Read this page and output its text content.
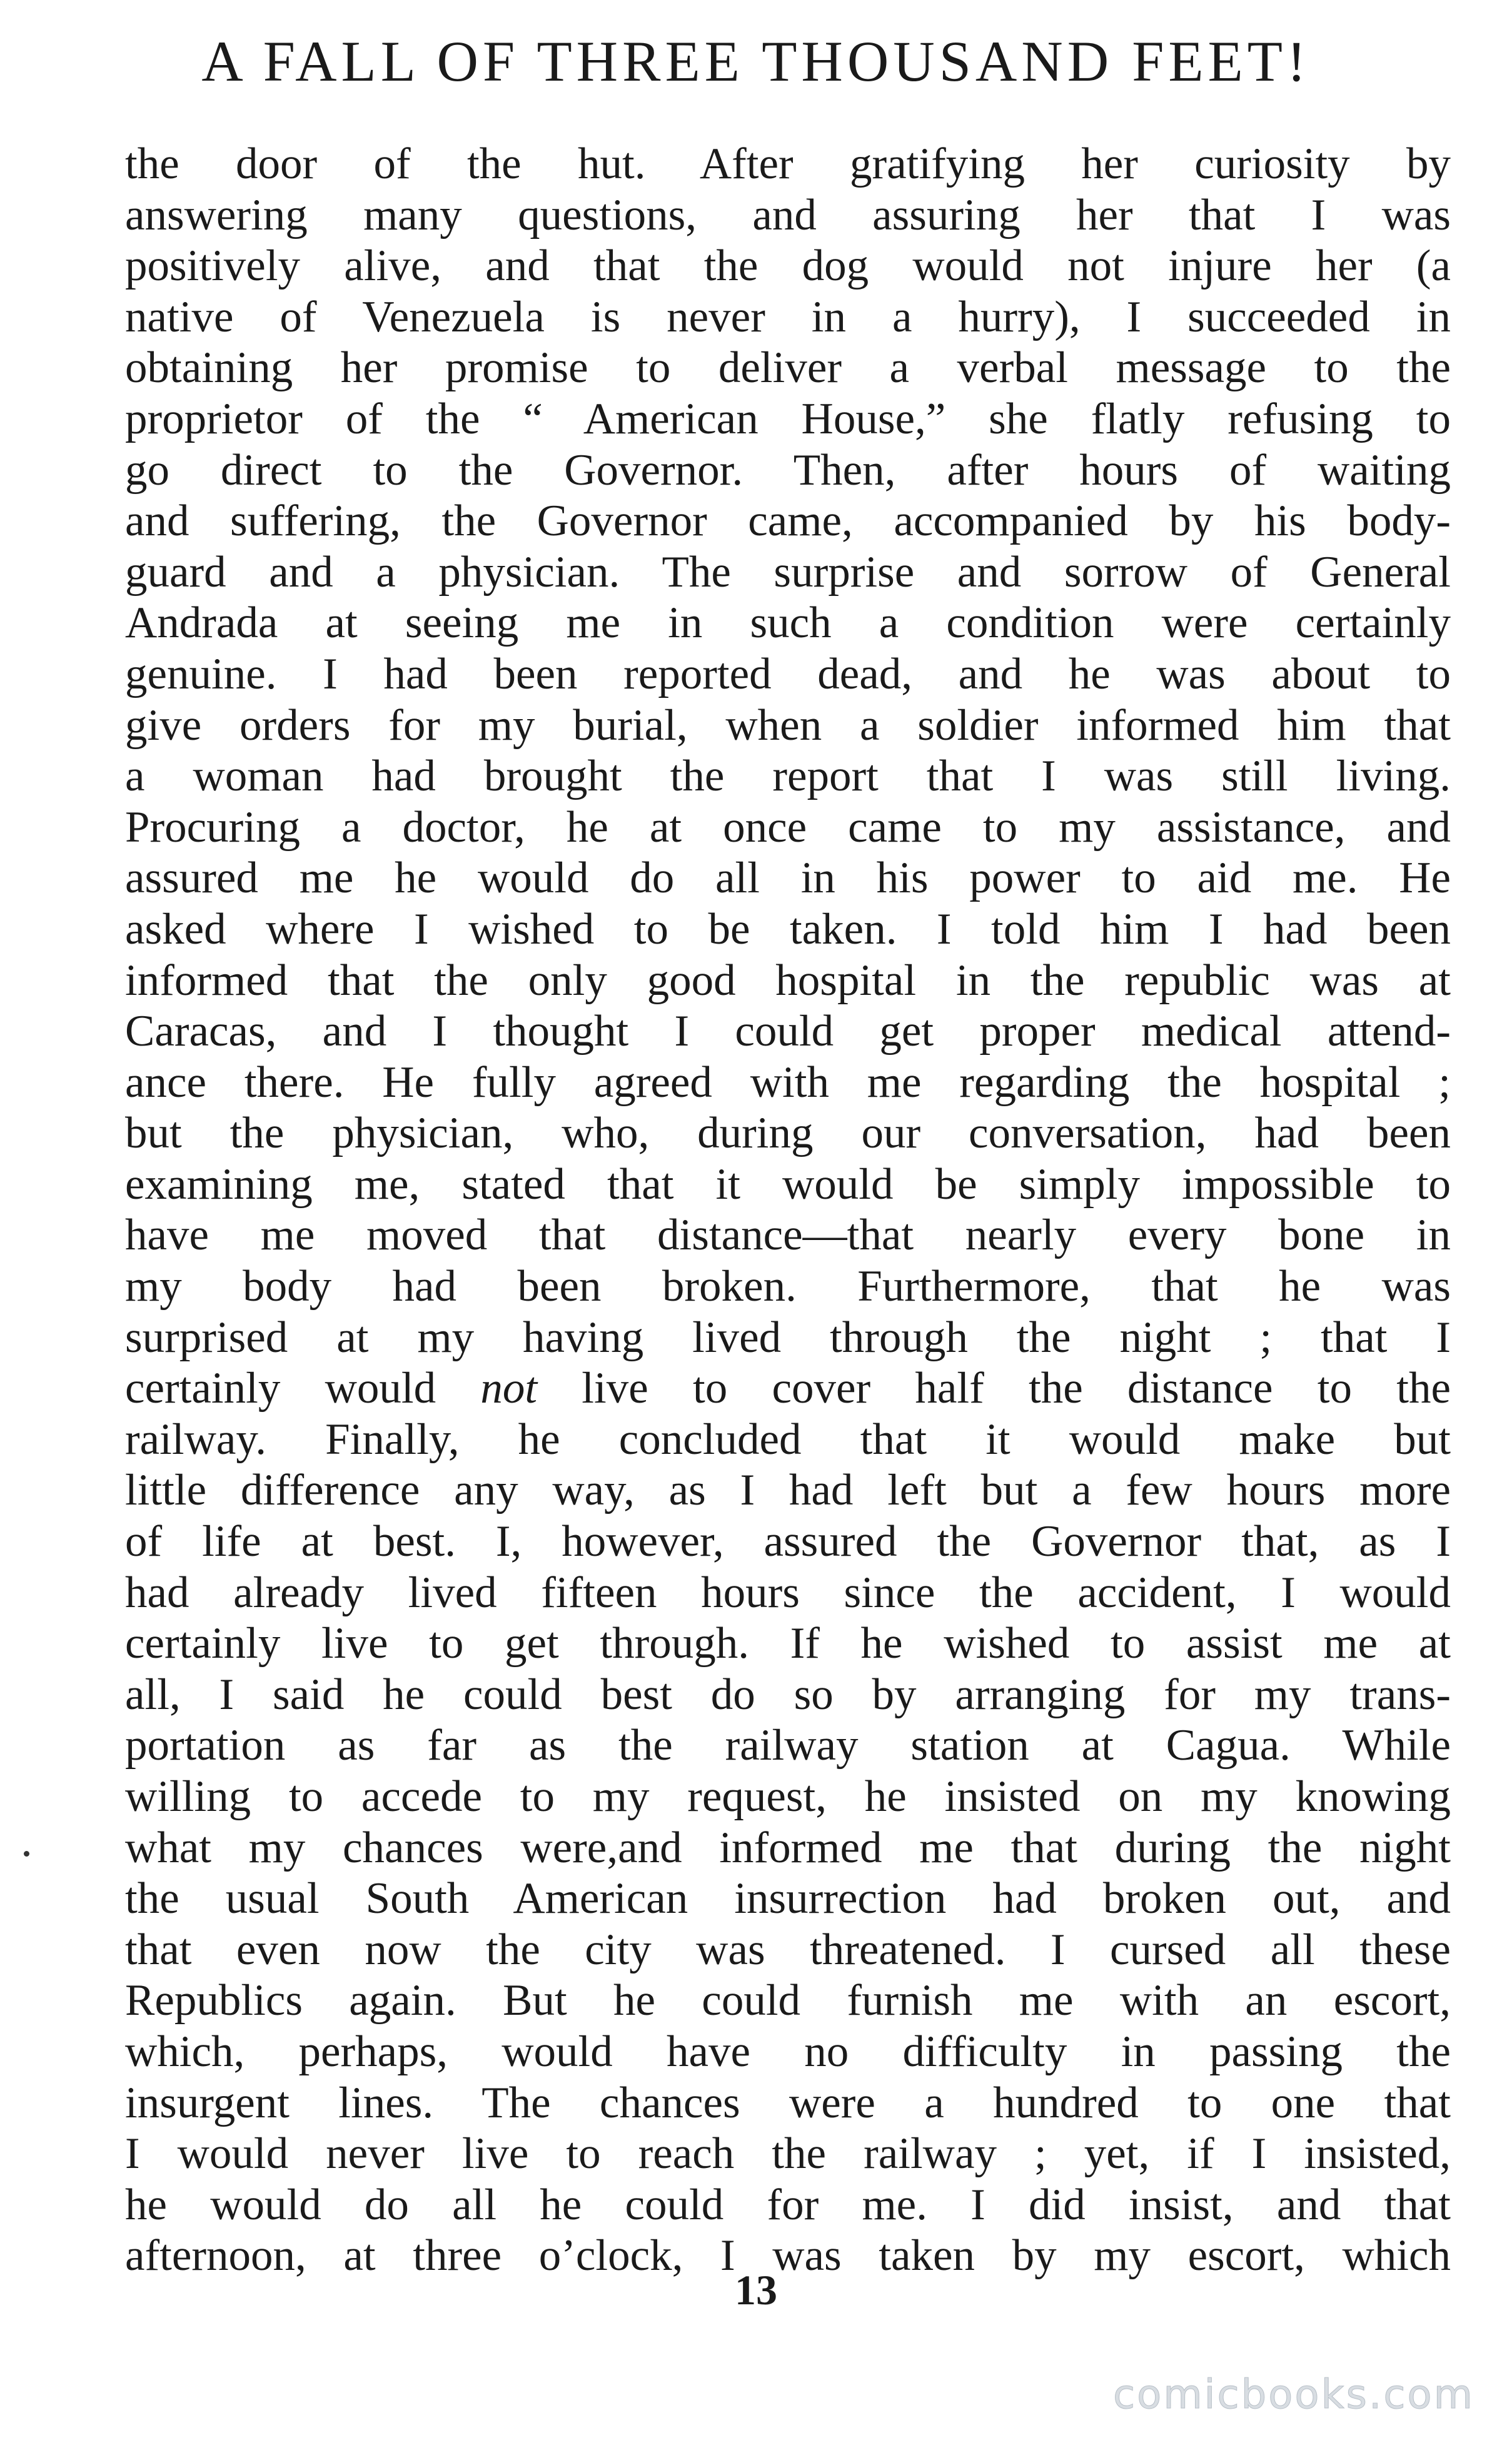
A FALL OF THREE THOUSAND FEET!
the door of the hut. After gratifying her curiosity by
answering many questions, and assuring her that I was
positively alive, and that the dog would not injure her (a
native of Venezuela is never in a hurry), I succeeded in
obtaining her promise to deliver a verbal message to the
proprietor of the “ American House,” she flatly refusing to
go direct to the Governor. Then, after hours of waiting
and suffering, the Governor came, accompanied by his body-
guard and a physician. The surprise and sorrow of General
Andrada at seeing me in such a condition were certainly
genuine. I had been reported dead, and he was about to
give orders for my burial, when a soldier informed him that
a woman had brought the report that I was still living.
Procuring a doctor, he at once came to my assistance, and
assured me he would do all in his power to aid me. He
asked where I wished to be taken. I told him I had been
informed that the only good hospital in the republic was at
Caracas, and I thought I could get proper medical attend-
ance there. He fully agreed with me regarding the hospital ;
but the physician, who, during our conversation, had been
examining me, stated that it would be simply impossible to
have me moved that distance—that nearly every bone in
my body had been broken. Furthermore, that he was
surprised at my having lived through the night ; that I
certainly would not live to cover half the distance to the
railway. Finally, he concluded that it would make but
little difference any way, as I had left but a few hours more
of life at best. I, however, assured the Governor that, as I
had already lived fifteen hours since the accident, I would
certainly live to get through. If he wished to assist me at
all, I said he could best do so by arranging for my trans-
portation as far as the railway station at Cagua. While
willing to accede to my request, he insisted on my knowing
what my chances were,and informed me that during the night
the usual South American insurrection had broken out, and
that even now the city was threatened. I cursed all these
Republics again. But he could furnish me with an escort,
which, perhaps, would have no difficulty in passing the
insurgent lines. The chances were a hundred to one that
I would never live to reach the railway ; yet, if I insisted,
he would do all he could for me. I did insist, and that
afternoon, at three o’clock, I was taken by my escort, which
13
comicbooks.com
